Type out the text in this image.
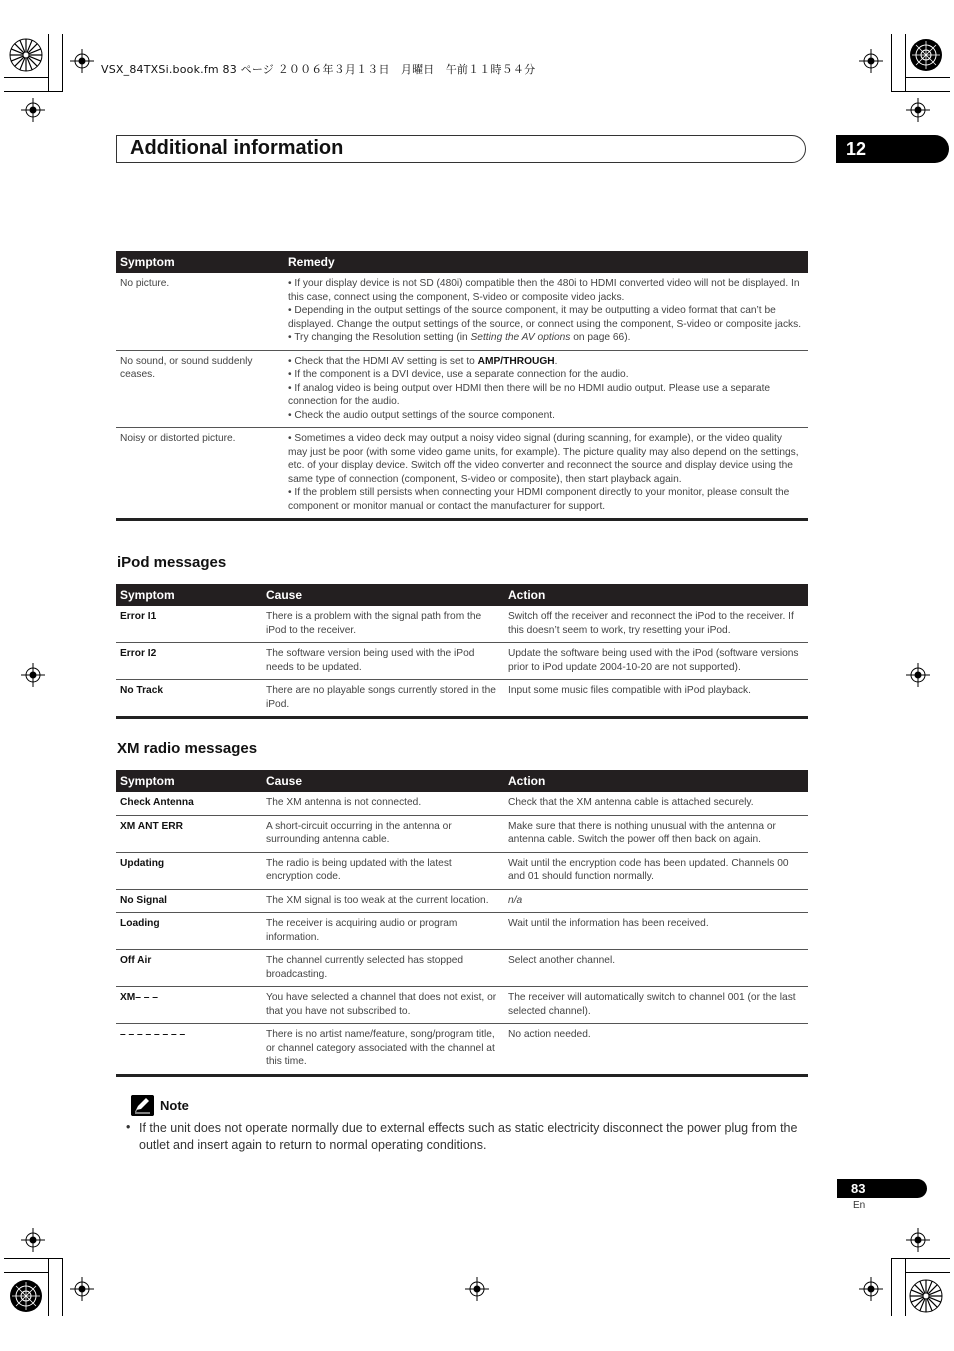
VSX_84TXSi.book.fm 83 ページ ２００６年３月１３日　月曜日　午前１１時５４分
Additional information	12
Symptom	Remedy
No picture.	• If your display device is not SD (480i) compatible then the 480i to HDMI converted video will not be displayed. In this case, connect using the component, S-video or composite video jacks.
• Depending in the output settings of the source component, it may be outputting a video format that can’t be displayed. Change the output settings of the source, or connect using the component, S-video or composite jacks.
• Try changing the Resolution setting (in Setting the AV options on page 66).

No sound, or sound suddenly ceases.	• Check that the HDMI AV setting is set to AMP/THROUGH.
• If the component is a DVI device, use a separate connection for the audio.
• If analog video is being output over HDMI then there will be no HDMI audio output. Please use a separate connection for the audio.
• Check the audio output settings of the source component.

Noisy or distorted picture.	• Sometimes a video deck may output a noisy video signal (during scanning, for example), or the video quality may just be poor (with some video game units, for example). The picture quality may also depend on the settings, etc. of your display device. Switch off the video converter and reconnect the source and display device using the same type of connection (component, S-video or composite), then start playback again.
• If the problem still persists when connecting your HDMI component directly to your monitor, please consult the component or monitor manual or contact the manufacturer for support.
iPod messages
Symptom	Cause	Action
Error I1	There is a problem with the signal path from the iPod to the receiver.	Switch off the receiver and reconnect the iPod to the receiver. If this doesn’t seem to work, try resetting your iPod.
Error I2	The software version being used with the iPod needs to be updated.	Update the software being used with the iPod (software versions prior to iPod update 2004-10-20 are not supported).
No Track	There are no playable songs currently stored in the iPod.	Input some music files compatible with iPod playback.
XM radio messages
Symptom	Cause	Action
Check Antenna	The XM antenna is not connected.	Check that the XM antenna cable is attached securely.
XM ANT ERR	A short-circuit occurring in the antenna or surrounding antenna cable.	Make sure that there is nothing unusual with the antenna or antenna cable. Switch the power off then back on again.
Updating	The radio is being updated with the latest encryption code.	Wait until the encryption code has been updated. Channels 00 and 01 should function normally.
No Signal	The XM signal is too weak at the current location.	n/a
Loading	The receiver is acquiring audio or program information.	Wait until the information has been received.
Off Air	The channel currently selected has stopped broadcasting.	Select another channel.
XM– – –	You have selected a channel that does not exist, or that you have not subscribed to.	The receiver will automatically switch to channel 001 (or the last selected channel).
– – – – – – – –	There is no artist name/feature, song/program title, or channel category associated with the channel at this time.	No action needed.
Note
• If the unit does not operate normally due to external effects such as static electricity disconnect the power plug from the outlet and insert again to return to normal operating conditions.
83
En
